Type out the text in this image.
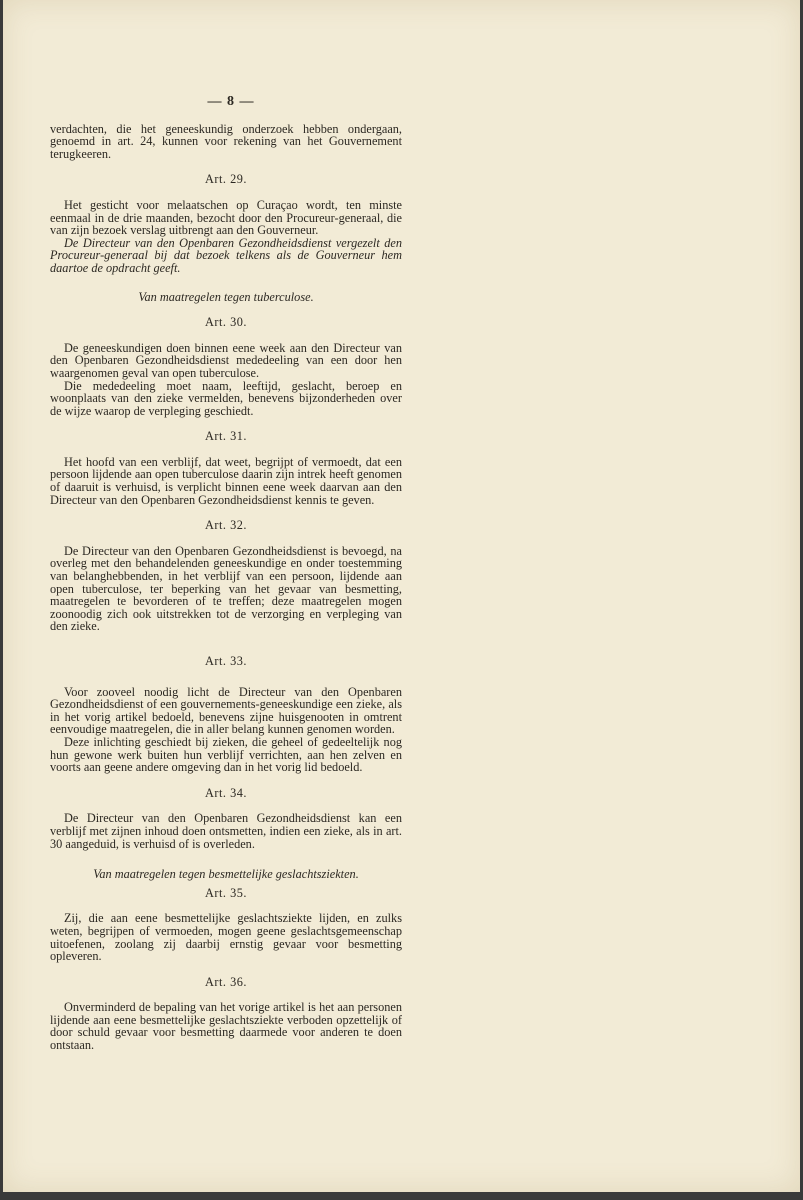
— 8 —

verdachten, die het geneeskundig onderzoek hebben ondergaan, genoemd in art. 24, kunnen voor rekening van het Gouvernement terugkeeren.

Art. 29.

Het gesticht voor melaatschen op Curaçao wordt, ten minste eenmaal in de drie maanden, bezocht door den Procureur-generaal, die van zijn bezoek verslag uitbrengt aan den Gouverneur.

De Directeur van den Openbaren Gezondheidsdienst vergezelt den Procureur-generaal bij dat bezoek telkens als de Gouverneur hem daartoe de opdracht geeft.

Van maatregelen tegen tuberculose.
Art. 30.

De geneeskundigen doen binnen eene week aan den Directeur van den Openbaren Gezondheidsdienst mededeeling van een door hen waargenomen geval van open tuberculose.

Die mededeeling moet naam, leeftijd, geslacht, beroep en woonplaats van den zieke vermelden, benevens bijzonderheden over de wijze waarop de verpleging geschiedt.

Art. 31.

Het hoofd van een verblijf, dat weet, begrijpt of vermoedt, dat een persoon lijdende aan open tuberculose daarin zijn intrek heeft genomen of daaruit is verhuisd, is verplicht binnen eene week daarvan aan den Directeur van den Openbaren Gezondheidsdienst kennis te geven.

Art. 32.

De Directeur van den Openbaren Gezondheidsdienst is bevoegd, na overleg met den behandelenden geneeskundige en onder toestemming van belanghebbenden, in het verblijf van een persoon, lijdende aan open tuberculose, ter beperking van het gevaar van besmetting, maatregelen te bevorderen of te treffen; deze maatregelen mogen zoonoodig zich ook uitstrekken tot de verzorging en verpleging van den zieke.

Art. 33.

Voor zooveel noodig licht de Directeur van den Openbaren Gezondheidsdienst of een gouvernements-geneeskundige een zieke, als in het vorig artikel bedoeld, benevens zijne huisgenooten in omtrent eenvoudige maatregelen, die in aller belang kunnen genomen worden.

Deze inlichting geschiedt bij zieken, die geheel of gedeeltelijk nog hun gewone werk buiten hun verblijf verrichten, aan hen zelven en voorts aan geene andere omgeving dan in het vorig lid bedoeld.

Art. 34.

De Directeur van den Openbaren Gezondheidsdienst kan een verblijf met zijnen inhoud doen ontsmetten, indien een zieke, als in art. 30 aangeduid, is verhuisd of is overleden.

Van maatregelen tegen besmettelijke geslachtsziekten.
Art. 35.

Zij, die aan eene besmettelijke geslachtsziekte lijden, en zulks weten, begrijpen of vermoeden, mogen geene geslachtsgemeenschap uitoefenen, zoolang zij daarbij ernstig gevaar voor besmetting opleveren.

Art. 36.

Onverminderd de bepaling van het vorige artikel is het aan personen lijdende aan eene besmettelijke geslachtsziekte verboden opzettelijk of door schuld gevaar voor besmetting daarmede voor anderen te doen ontstaan.
